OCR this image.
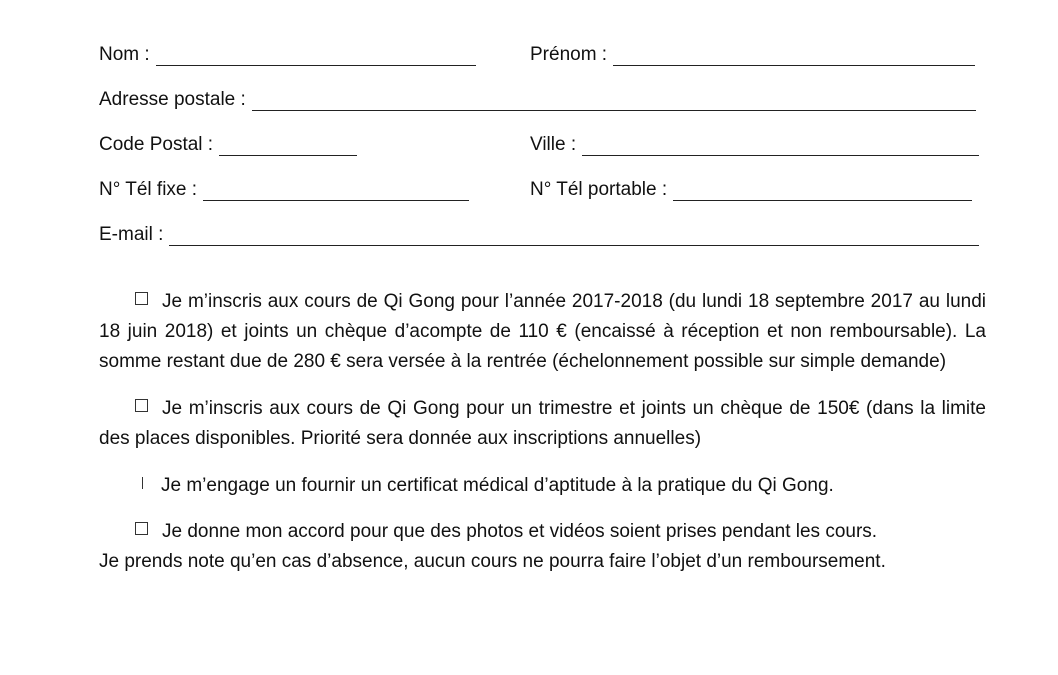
Nom :	Prénom :
Adresse postale :
Code Postal :	Ville :
N° Tél fixe :	N° Tél portable :
E-mail :

Je m’inscris aux cours de Qi Gong pour l’année 2017-2018 (du lundi 18 septembre 2017 au lundi 18 juin 2018) et joints un chèque d’acompte de 110 € (encaissé à réception et non remboursable). La somme restant due de 280 € sera versée à la rentrée (échelonnement possible sur simple demande)

Je m’inscris aux cours de Qi Gong pour un trimestre et joints un chèque de 150€ (dans la limite des places disponibles. Priorité sera donnée aux inscriptions annuelles)

Je m’engage un fournir un certificat médical d’aptitude à la pratique du Qi Gong.

Je donne mon accord pour que des photos et vidéos soient prises pendant les cours.

Je prends note qu’en cas d’absence, aucun cours ne pourra faire l’objet d’un remboursement.
